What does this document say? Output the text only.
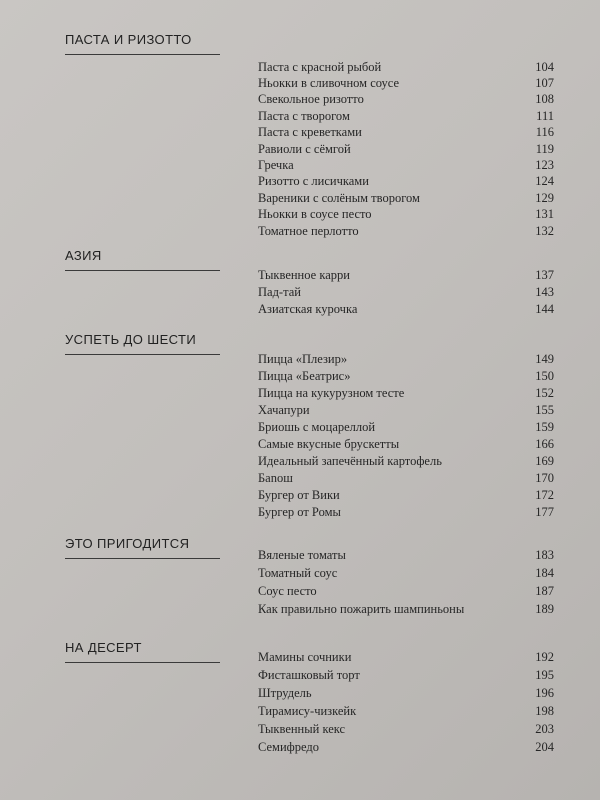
ПАСТА И РИЗОТТО
Паста с красной рыбой	104
Ньокки в сливочном соусе	107
Свекольное ризотто	108
Паста с творогом	111
Паста с креветками	116
Равиоли с сёмгой	119
Гречка	123
Ризотто с лисичками	124
Вареники с солёным творогом	129
Ньокки в соусе песто	131
Томатное перлотто	132
АЗИЯ
Тыквенное карри	137
Пад-тай	143
Азиатская курочка	144
УСПЕТЬ ДО ШЕСТИ
Пицца «Плезир»	149
Пицца «Беатрис»	150
Пицца на кукурузном тесте	152
Хачапури	155
Бриошь с моцареллой	159
Самые вкусные брускетты	166
Идеальный запечённый картофель	169
Баnош	170
Бургер от Вики	172
Бургер от Ромы	177
ЭТО ПРИГОДИТСЯ
Вяленые томаты	183
Томатный соус	184
Соус песто	187
Как правильно пожарить шампиньоны	189
НА ДЕСЕРТ
Мамины сочники	192
Фисташковый торт	195
Штрудель	196
Тирамису-чизкейк	198
Тыквенный кекс	203
Семифредо	204
